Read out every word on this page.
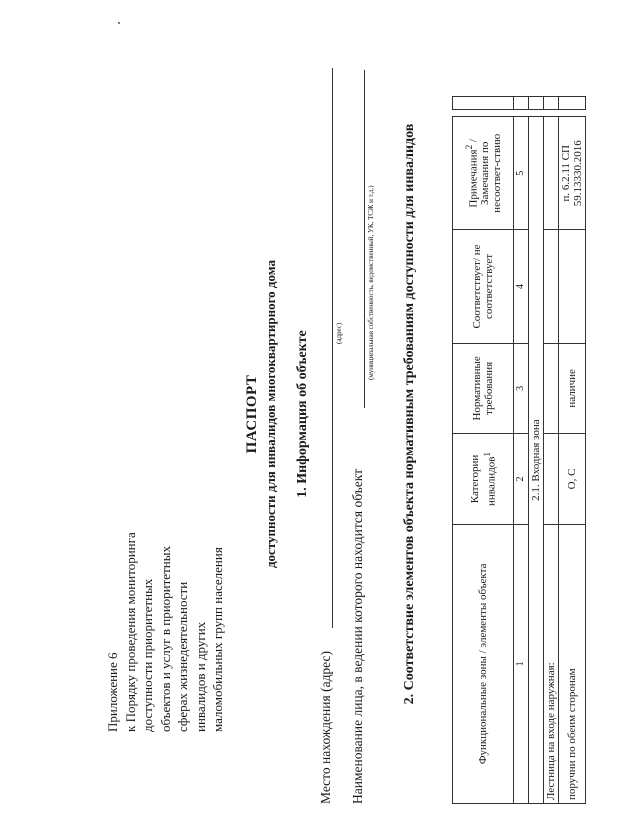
Приложение 6 к Порядку проведения мониторинга доступности приоритетных объектов и услуг в приоритетных сферах жизнедеятельности инвалидов и других маломобильных групп населения
ПАСПОРТ доступности для инвалидов многоквартирного дома 1. Информация об объекте
Место нахождения (адрес)
(адрес)
Наименование лица, в ведении которого находится объект
(муниципальная собственность, ведомственный, УК, ТСЖ и т.д.) 2. Соответствие элементов объекта нормативным требованиям доступности для инвалидов	Функциональные зоны / элементы объекта	Категории инвалидов$^1$	Нормативные требования	Соответствует/ не соответствует	Примечания$^2$ / Замечания по несоответ-ствию		
1	2	3	4	5		
2.1. Входная зона						
Лестница на входе наружная:						
поручни по обеим сторонам	О, С	наличие		п. 6.2.11 СП 59.13330.2016		
